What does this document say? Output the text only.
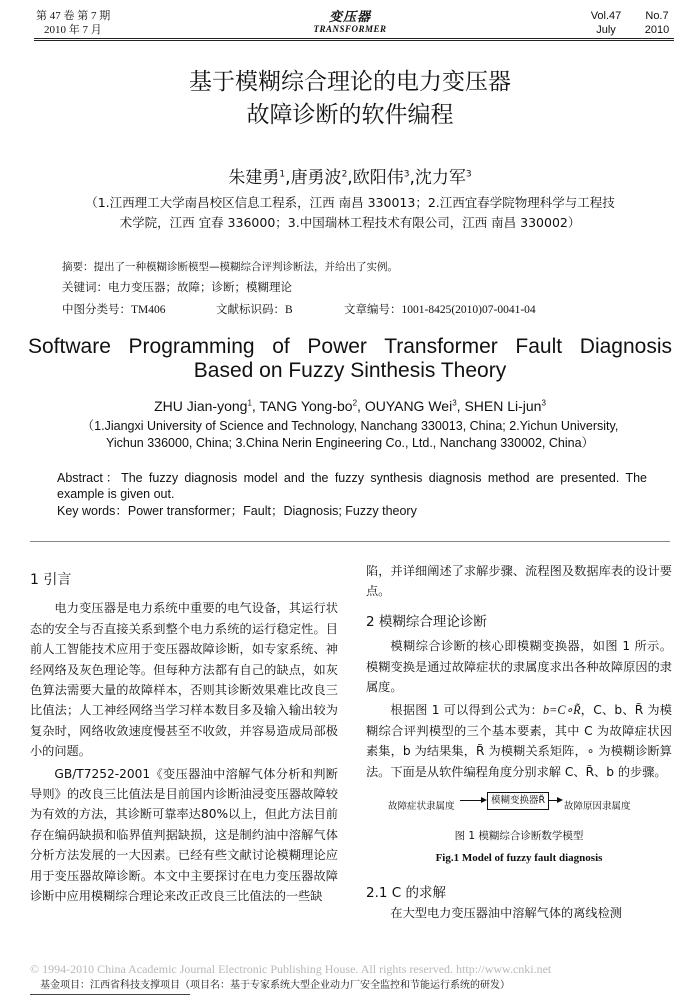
第 47 卷 第 7 期
2010 年 7 月
变压器
TRANSFORMER
Vol.47
July
No.7
2010
基于模糊综合理论的电力变压器
故障诊断的软件编程
朱建勇$^1$,唐勇波$^2$,欧阳伟$^3$,沈力军$^3$
（1.江西理工大学南昌校区信息工程系，江西 南昌 330013；2.江西宜春学院物理科学与工程技
术学院，江西 宜春 336000；3.中国瑞林工程技术有限公司，江西 南昌 330002）
摘要：提出了一种模糊诊断模型—模糊综合评判诊断法，并给出了实例。
关键词：电力变压器；故障；诊断；模糊理论
中图分类号：TM406	文献标识码：B	文章编号：1001-8425(2010)07-0041-04
Software Programming of Power Transformer Fault Diagnosis
Based on Fuzzy Sinthesis Theory
ZHU Jian-yong$^1$, TANG Yong-$bo^2$, OUYANG Wei$^3$, SHEN Li-jun$^3$
（1.Jiangxi University of Science and Technology, Nanchang 330013, China; 2.Yichun University,
Yichun 336000, China; 3.China Nerin Engineering Co., Ltd., Nanchang 330002, China）
Abstract：The fuzzy diagnosis model and the fuzzy synthesis diagnosis method are presented. The example is given out.
Key words：Power transformer；Fault；Diagnosis; Fuzzy theory

1 引言

电力变压器是电力系统中重要的电气设备，其运行状态的安全与否直接关系到整个电力系统的运行稳定性。目前人工智能技术应用于变压器故障诊断，如专家系统、神经网络及灰色理论等。但每种方法都有自己的缺点，如灰色算法需要大量的故障样本，否则其诊断效果难比改良三比值法；人工神经网络当学习样本数目多及输入输出较为复杂时，网络收敛速度慢甚至不收敛，并容易造成局部极小的问题。

GB/T7252-2001《变压器油中溶解气体分析和判断导则》的改良三比值法是目前国内诊断油浸变压器故障较为有效的方法，其诊断可靠率达80%以上，但此方法目前存在编码缺损和临界值判据缺损，这是制约油中溶解气体分析方法发展的一大因素。已经有些文献讨论模糊理论应用于变压器故障诊断。本文中主要探讨在电力变压器故障诊断中应用模糊综合理论来改正改良三比值法的一些缺

陷，并详细阐述了求解步骤、流程图及数据库表的设计要点。

2 模糊综合理论诊断

模糊综合诊断的核心即模糊变换器，如图 1 所示。模糊变换是通过故障症状的隶属度求出各种故障原因的隶属度。

根据图 1 可以得到公式为：b=C∘R̃，C、b、R̃ 为模糊综合评判模型的三个基本要素，其中 C 为故障症状因素集，b 为结果集，R̃ 为模糊关系矩阵，∘ 为模糊诊断算法。下面是从软件编程角度分别求解 C、R̃、b 的步骤。

故障症状隶属度
模糊变换器R̃
故障原因隶属度
图 1 模糊综合诊断数学模型
Fig.1 Model of fuzzy fault diagnosis

2.1 C 的求解

在大型电力变压器油中溶解气体的离线检测

© 1994-2010 China Academic Journal Electronic Publishing House. All rights reserved. http://www.cnki.net
基金项目：江西省科技支撑项目（项目名：基于专家系统大型企业动力厂安全监控和节能运行系统的研发）
